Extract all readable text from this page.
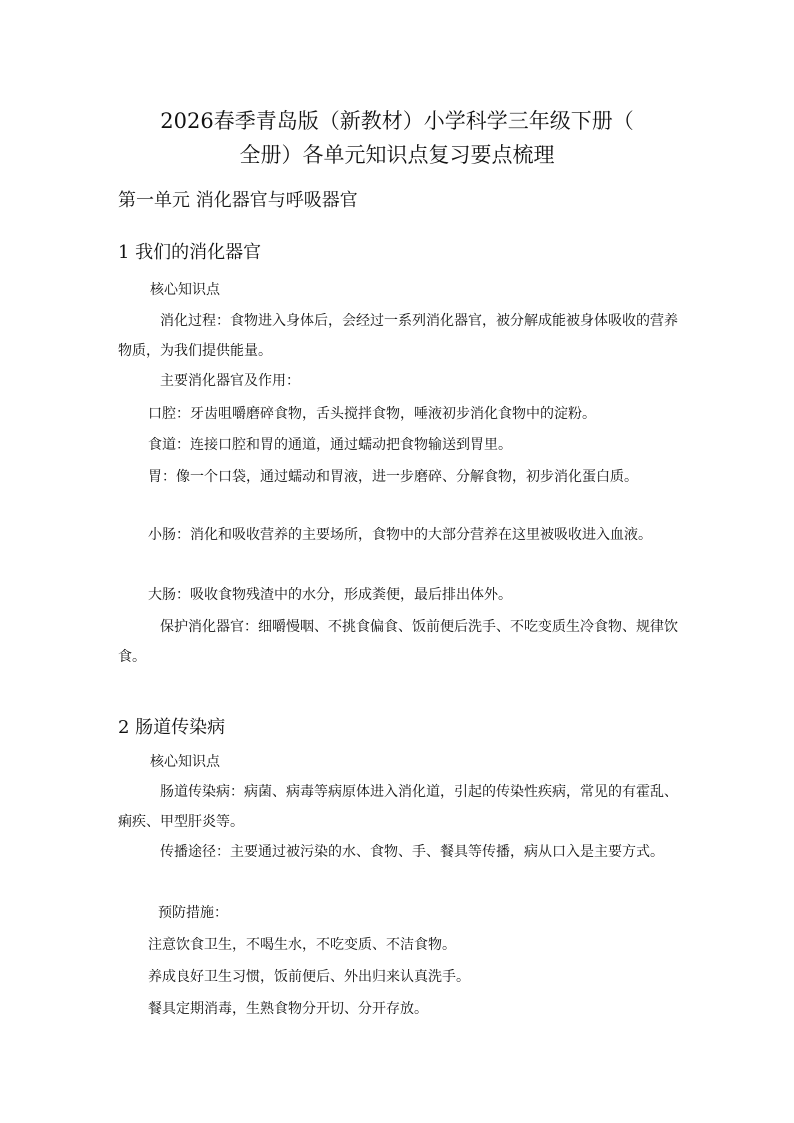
2026春季青岛版（新教材）小学科学三年级下册（
全册）各单元知识点复习要点梳理
第一单元 消化器官与呼吸器官
1 我们的消化器官

核心知识点

消化过程：食物进入身体后，会经过一系列消化器官，被分解成能被身体吸收的营养物质，为我们提供能量。

主要消化器官及作用：

口腔：牙齿咀嚼磨碎食物，舌头搅拌食物，唾液初步消化食物中的淀粉。

食道：连接口腔和胃的通道，通过蠕动把食物输送到胃里。

胃：像一个口袋，通过蠕动和胃液，进一步磨碎、分解食物，初步消化蛋白质。

小肠：消化和吸收营养的主要场所，食物中的大部分营养在这里被吸收进入血液。

大肠：吸收食物残渣中的水分，形成粪便，最后排出体外。

保护消化器官：细嚼慢咽、不挑食偏食、饭前便后洗手、不吃变质生冷食物、规律饮食。

2 肠道传染病

核心知识点

肠道传染病：病菌、病毒等病原体进入消化道，引起的传染性疾病，常见的有霍乱、痢疾、甲型肝炎等。

传播途径：主要通过被污染的水、食物、手、餐具等传播，病从口入是主要方式。

预防措施：

注意饮食卫生，不喝生水，不吃变质、不洁食物。

养成良好卫生习惯，饭前便后、外出归来认真洗手。

餐具定期消毒，生熟食物分开切、分开存放。
